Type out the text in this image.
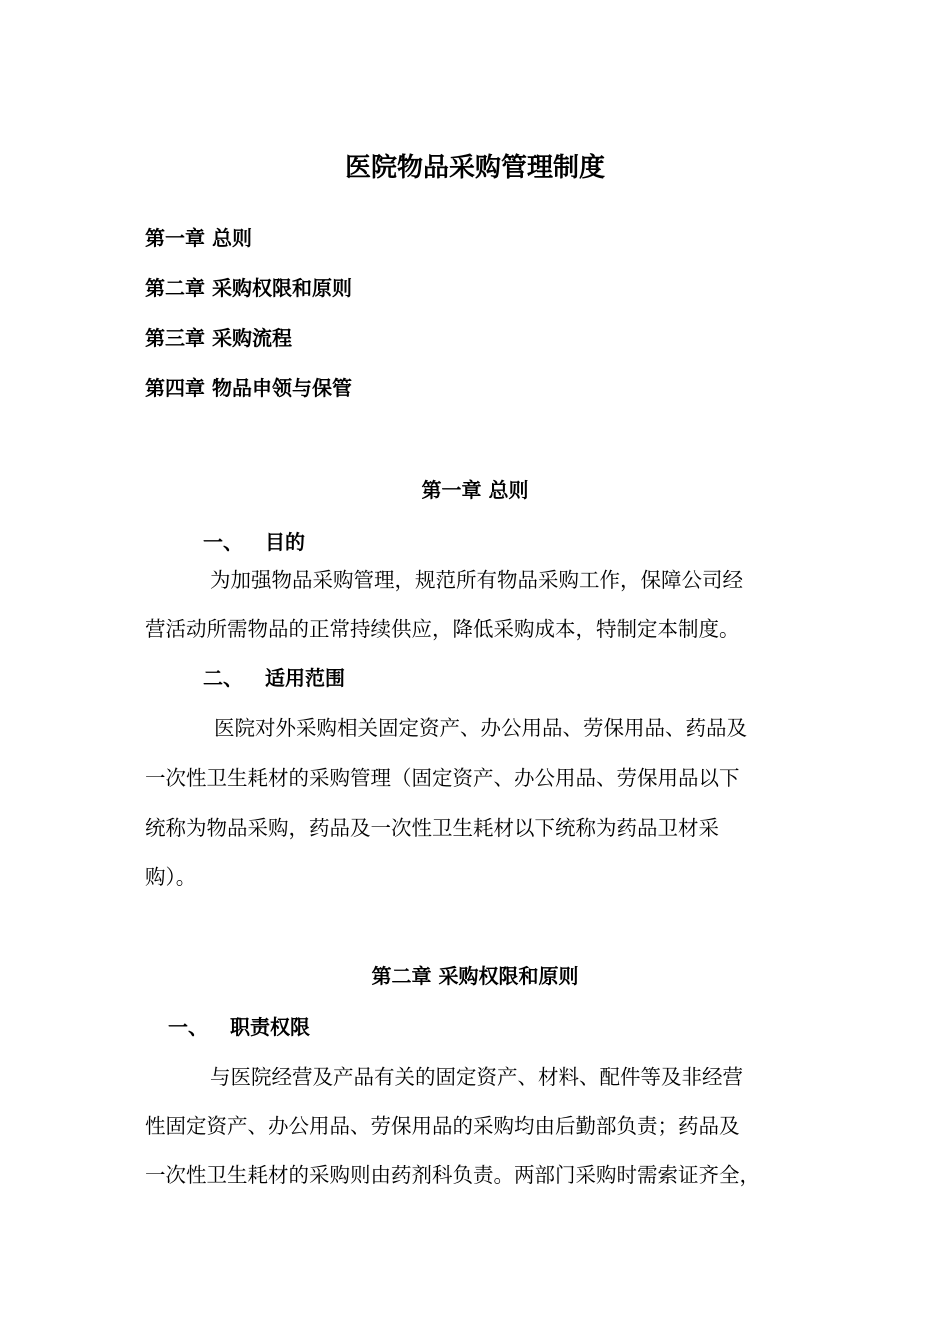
医院物品采购管理制度
第一章 总则
第二章 采购权限和原则
第三章 采购流程
第四章 物品申领与保管
第一章 总则
一、 目的
为加强物品采购管理，规范所有物品采购工作，保障公司经
营活动所需物品的正常持续供应，降低采购成本，特制定本制度。
二、 适用范围
医院对外采购相关固定资产、办公用品、劳保用品、药品及
一次性卫生耗材的采购管理（固定资产、办公用品、劳保用品以下
统称为物品采购，药品及一次性卫生耗材以下统称为药品卫材采
购）。
第二章 采购权限和原则
一、 职责权限
与医院经营及产品有关的固定资产、材料、配件等及非经营
性固定资产、办公用品、劳保用品的采购均由后勤部负责；药品及
一次性卫生耗材的采购则由药剂科负责。两部门采购时需索证齐全，
